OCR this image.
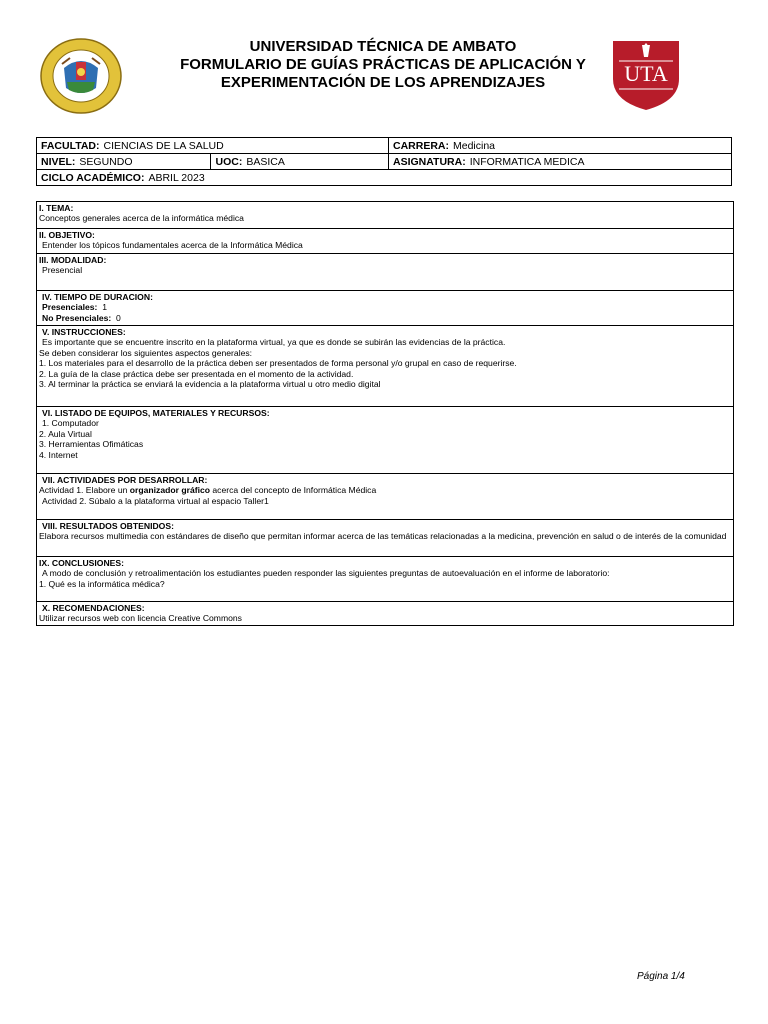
UNIVERSIDAD TÉCNICA DE AMBATO
FORMULARIO DE GUÍAS PRÁCTICAS DE APLICACIÓN Y
EXPERIMENTACIÓN DE LOS APRENDIZAJES	UTA
FACULTAD: CIENCIAS DE LA SALUD		CARRERA: Medicina
NIVEL: SEGUNDO	UOC: BASICA	ASIGNATURA: INFORMATICA MEDICA
CICLO ACADÉMICO: ABRIL 2023		
I. TEMA:
Conceptos generales acerca de la informática médica
II. OBJETIVO:
Entender los tópicos fundamentales acerca de la Informática Médica
III. MODALIDAD:
Presencial
IV. TIEMPO DE DURACION:
Presenciales: 1
No Presenciales: 0
V. INSTRUCCIONES:
Es importante que se encuentre inscrito en la plataforma virtual, ya que es donde se subirán las evidencias de la práctica.
Se deben considerar los siguientes aspectos generales:
1. Los materiales para el desarrollo de la práctica deben ser presentados de forma personal y/o grupal en caso de requerirse.
2. La guía de la clase práctica debe ser presentada en el momento de la actividad.
3. Al terminar la práctica se enviará la evidencia a la plataforma virtual u otro medio digital
VI. LISTADO DE EQUIPOS, MATERIALES Y RECURSOS:
1. Computador
2. Aula Virtual
3. Herramientas Ofimáticas
4. Internet
VII. ACTIVIDADES POR DESARROLLAR:
Actividad 1. Elabore un organizador gráfico acerca del concepto de Informática Médica
Actividad 2. Súbalo a la plataforma virtual al espacio Taller1
VIII. RESULTADOS OBTENIDOS:
Elabora recursos multimedia con estándares de diseño que permitan informar acerca de las temáticas relacionadas a la medicina, prevención en salud o de interés de la comunidad
IX. CONCLUSIONES:
A modo de conclusión y retroalimentación los estudiantes pueden responder las siguientes preguntas de autoevaluación en el informe de laboratorio:
1. Qué es la informática médica?
X. RECOMENDACIONES:
Utilizar recursos web con licencia Creative Commons
Página 1/4
